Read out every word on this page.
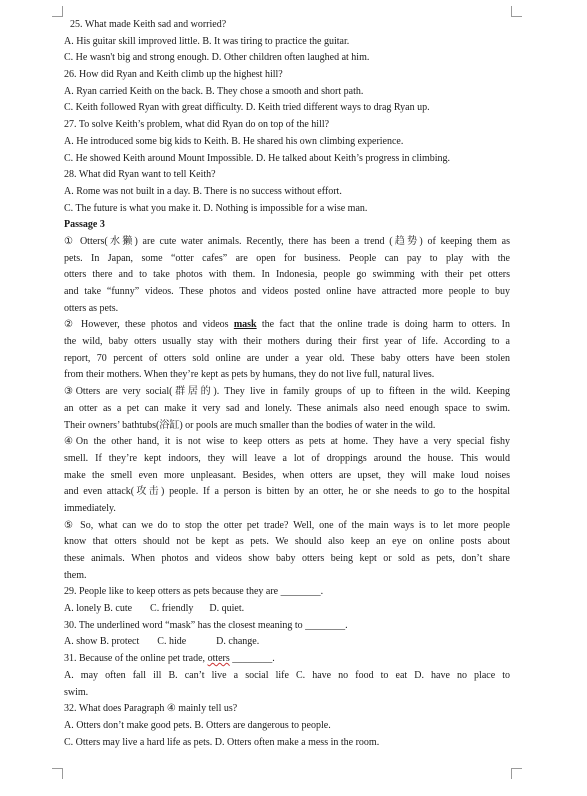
25. What made Keith sad and worried?
A. His guitar skill improved little. B. It was tiring to practice the guitar.
C. He wasn't big and strong enough. D. Other children often laughed at him.
26. How did Ryan and Keith climb up the highest hill?
A. Ryan carried Keith on the back. B. They chose a smooth and short path.
C. Keith followed Ryan with great difficulty. D. Keith tried different ways to drag Ryan up.
27. To solve Keith’s problem, what did Ryan do on top of the hill?
A. He introduced some big kids to Keith. B. He shared his own climbing experience.
C. He showed Keith around Mount Impossible. D. He talked about Keith’s progress in climbing.
28. What did Ryan want to tell Keith?
A. Rome was not built in a day. B. There is no success without effort.
C. The future is what you make it. D. Nothing is impossible for a wise man.
Passage 3
① Otters(水獭) are cute water animals. Recently, there has been a trend (趋势) of keeping them as
pets. In Japan, some “otter cafes” are open for business. People can pay to play with the
otters there and to take photos with them. In Indonesia, people go swimming with their pet otters
and take “funny” videos. These photos and videos posted online have attracted more people to buy
otters as pets.
② However, these photos and videos mask the fact that the online trade is doing harm to otters. In
the wild, baby otters usually stay with their mothers during their first year of life. According to a
report, 70 percent of otters sold online are under a year old. These baby otters have been stolen
from their mothers. When they’re kept as pets by humans, they do not live full, natural lives.
③Otters are very social(群居的). They live in family groups of up to fifteen in the wild. Keeping
an otter as a pet can make it very sad and lonely. These animals also need enough space to swim.
Their owners’ bathtubs(浴缸) or pools are much smaller than the bodies of water in the wild.
④On the other hand, it is not wise to keep otters as pets at home. They have a very special fishy
smell. If they’re kept indoors, they will leave a lot of droppings around the house. This would
make the smell even more unpleasant. Besides, when otters are upset, they will make loud noises
and even attack(攻击) people. If a person is bitten by an otter, he or she needs to go to the hospital
immediately.
⑤ So, what can we do to stop the otter pet trade? Well, one of the main ways is to let more people
know that otters should not be kept as pets. We should also keep an eye on online posts about
these animals. When photos and videos show baby otters being kept or sold as pets, don’t share
them.
29. People like to keep otters as pets because they are ________.
A. lonely B. cute C. friendly D. quiet.
30. The underlined word “mask” has the closest meaning to ________.
A. show B. protect C. hide	D. change.
31. Because of the online pet trade, otters ________.
A. may often fall ill B. can’t live a social life C. have no food to eat D. have no place to
swim.
32. What does Paragraph ④ mainly tell us?
A. Otters don’t make good pets. B. Otters are dangerous to people.
C. Otters may live a hard life as pets. D. Otters often make a mess in the room.
